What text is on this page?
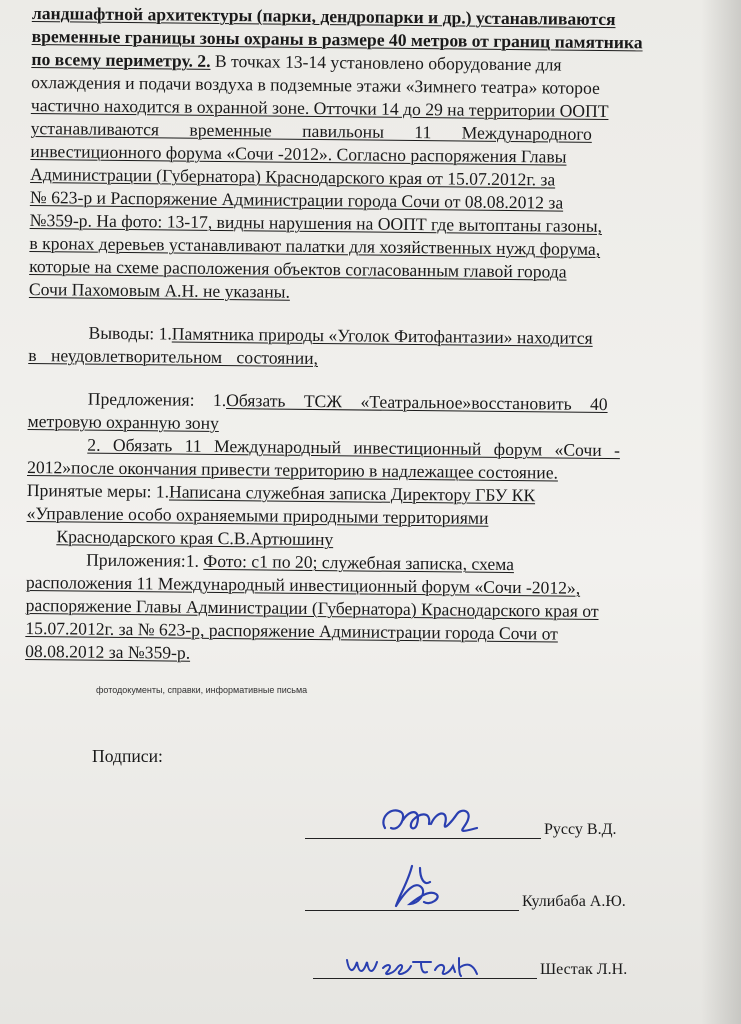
ландшафтной архитектуры (парки, дендропарки и др.) устанавливаются

временные границы зоны охраны в размере 40 метров от границ памятника

по всему периметру. 2. В точках 13-14 установлено оборудование для

охлаждения и подачи воздуха в подземные этажи «Зимнего театра» которое

частично находится в охранной зоне. Отточки 14 до 29 на территории ООПТ

устанавливаются временные павильоны 11 Международного

инвестиционного форума «Сочи -2012». Согласно распоряжения Главы

Администрации (Губернатора) Краснодарского края от 15.07.2012г. за

№ 623-р и Распоряжение Администрации города Сочи от 08.08.2012 за

№359-р. На фото: 13-17, видны нарушения на ООПТ где вытоптаны газоны,

в кронах деревьев устанавливают палатки для хозяйственных нужд форума,

которые на схеме расположения объектов согласованным главой города

Сочи Пахомовым А.Н. не указаны.

Выводы: 1.Памятника природы «Уголок Фитофантазии» находится

в неудовлетворительном состоянии,

Предложения: 1.Обязать ТСЖ «Театральное»восстановить 40

метровую охранную зону

2. Обязать 11 Международный инвестиционный форум «Сочи -

2012»после окончания привести территорию в надлежащее состояние.

Принятые меры: 1.Написана служебная записка Директору ГБУ КК

«Управление особо охраняемыми природными территориями

Краснодарского края С.В.Артюшину

Приложения:1. Фото: с1 по 20; служебная записка, схема

расположения 11 Международный инвестиционный форум «Сочи -2012»,

распоряжение Главы Администрации (Губернатора) Краснодарского края от

15.07.2012г. за № 623-р, распоряжение Администрации города Сочи от

08.08.2012 за №359-р.

фотодокументы, справки, информативные письма
Подписи:
Руссу В.Д.
Кулибаба А.Ю.
Шестак Л.Н.
